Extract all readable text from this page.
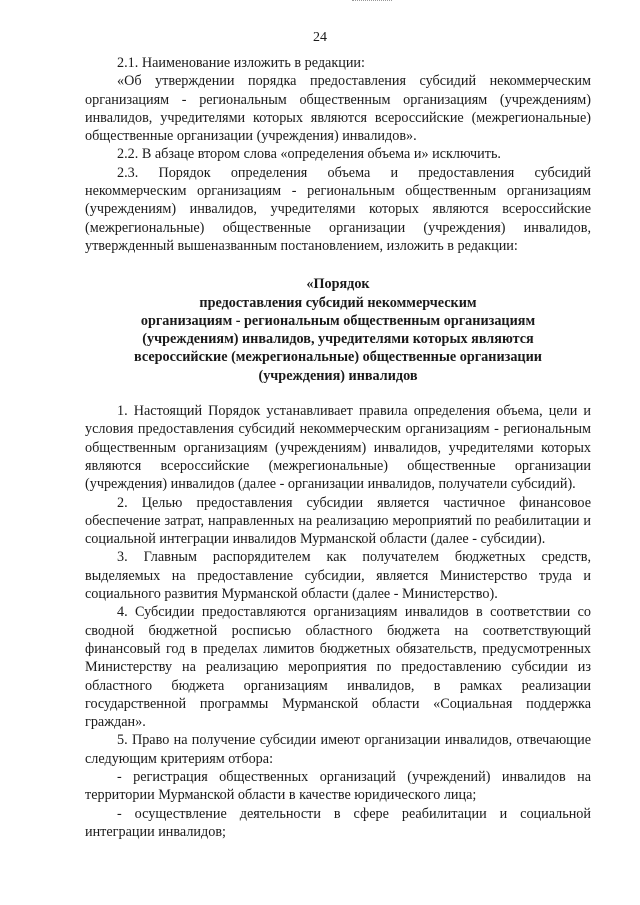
24

2.1. Наименование изложить в редакции:

«Об утверждении порядка предоставления субсидий некоммерческим организациям - региональным общественным организациям (учреждениям) инвалидов, учредителями которых являются всероссийские (межрегиональные) общественные организации (учреждения) инвалидов».

2.2. В абзаце втором слова «определения объема и» исключить.

2.3. Порядок определения объема и предоставления субсидий некоммерческим организациям - региональным общественным организациям (учреждениям) инвалидов, учредителями которых являются всероссийские (межрегиональные) общественные организации (учреждения) инвалидов, утвержденный вышеназванным постановлением, изложить в редакции:

«Порядок
предоставления субсидий некоммерческим
организациям - региональным общественным организациям
(учреждениям) инвалидов, учредителями которых являются
всероссийские (межрегиональные) общественные организации
(учреждения) инвалидов

1. Настоящий Порядок устанавливает правила определения объема, цели и условия предоставления субсидий некоммерческим организациям - региональным общественным организациям (учреждениям) инвалидов, учредителями которых являются всероссийские (межрегиональные) общественные организации (учреждения) инвалидов (далее - организации инвалидов, получатели субсидий).

2. Целью предоставления субсидии является частичное финансовое обеспечение затрат, направленных на реализацию мероприятий по реабилитации и социальной интеграции инвалидов Мурманской области (далее - субсидии).

3. Главным распорядителем как получателем бюджетных средств, выделяемых на предоставление субсидии, является Министерство труда и социального развития Мурманской области (далее - Министерство).

4. Субсидии предоставляются организациям инвалидов в соответствии со сводной бюджетной росписью областного бюджета на соответствующий финансовый год в пределах лимитов бюджетных обязательств, предусмотренных Министерству на реализацию мероприятия по предоставлению субсидии из областного бюджета организациям инвалидов, в рамках реализации государственной программы Мурманской области «Социальная поддержка граждан».

5. Право на получение субсидии имеют организации инвалидов, отвечающие следующим критериям отбора:

- регистрация общественных организаций (учреждений) инвалидов на территории Мурманской области в качестве юридического лица;

- осуществление деятельности в сфере реабилитации и социальной интеграции инвалидов;
